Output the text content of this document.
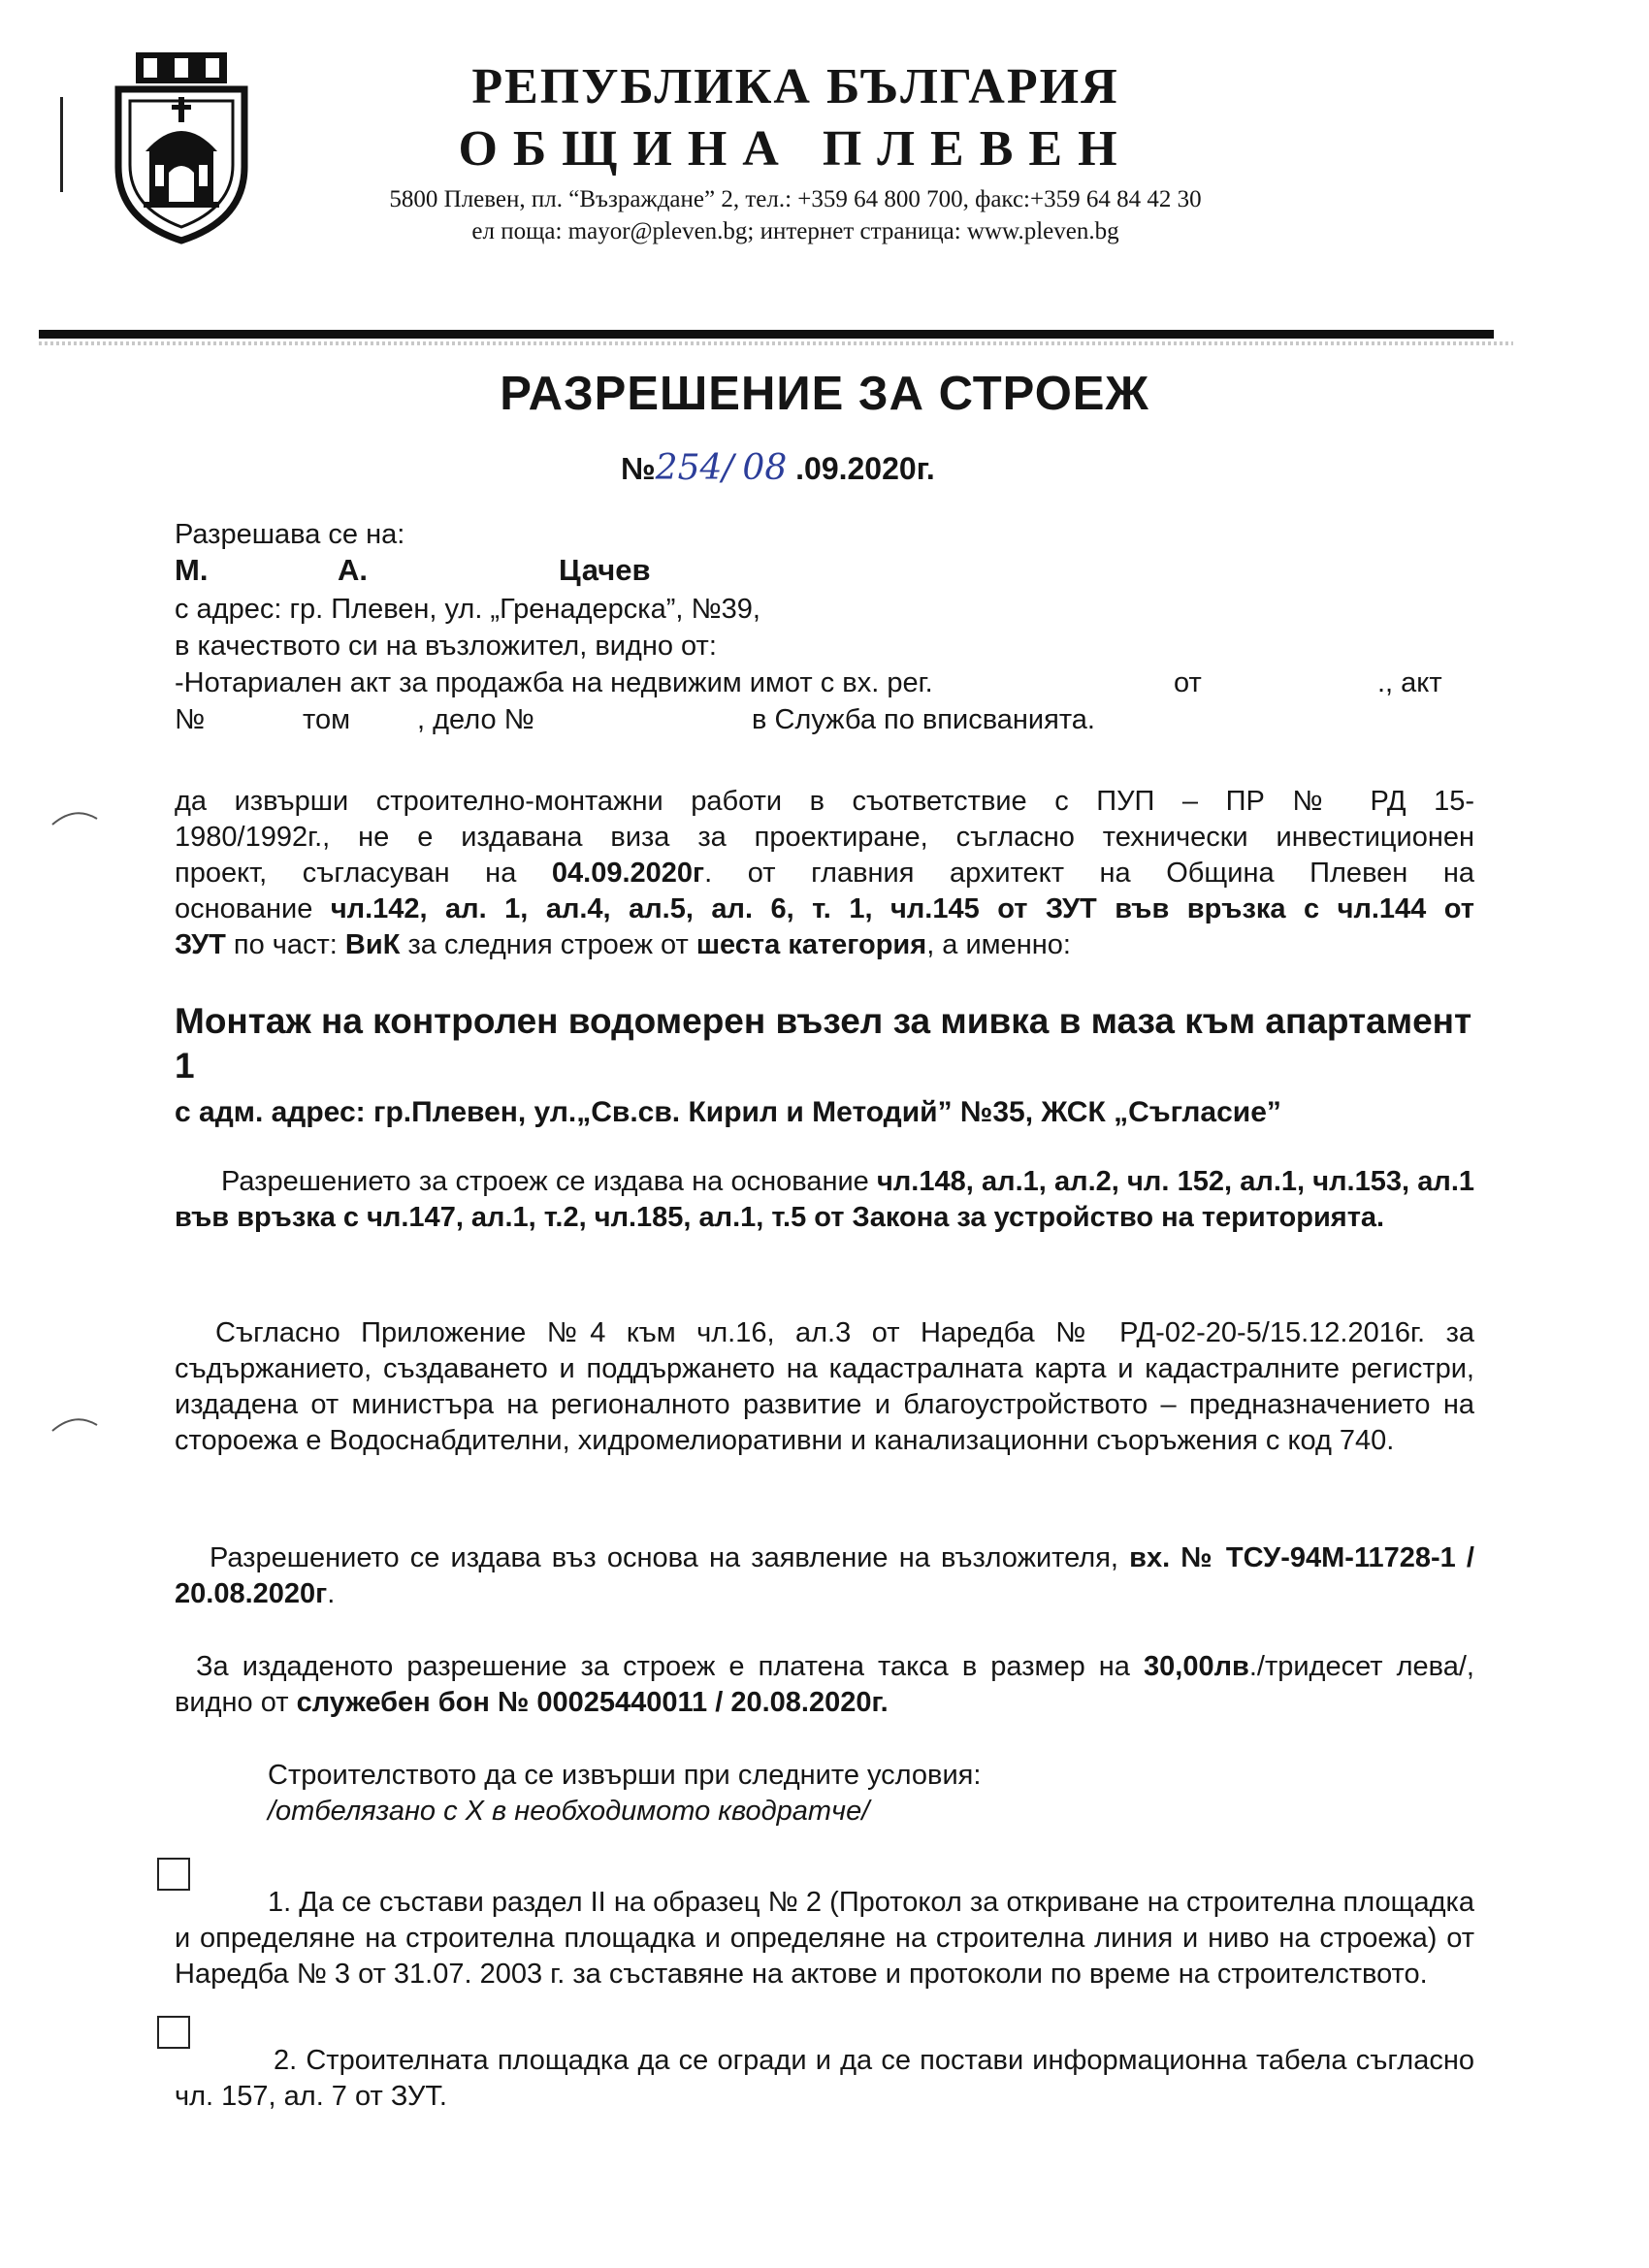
РЕПУБЛИКА БЪЛГАРИЯ
ОБЩИНА ПЛЕВЕН
5800 Плевен, пл. “Възраждане” 2, тел.: +359 64 800 700, факс:+359 64 84 42 30
ел поща: mayor@pleven.bg; интернет страница: www.pleven.bg
РАЗРЕШЕНИЕ ЗА СТРОЕЖ
№254/ 08 .09.2020г.
Разрешава се на:
М.	А.	Цачев
с адрес: гр. Плевен, ул. „Гренадерска”, №39,
в качеството си на възложител, видно от:
-Нотариален акт за продажба на недвижим имот с вх. рег.	от	., акт
№	том , дело №	в Служба по вписванията.
да извърши строително-монтажни работи в съответствие с ПУП – ПР № РД 15-
1980/1992г., не е издавана виза за проектиране, съгласно технически инвестиционен
проект, съгласуван на 04.09.2020г. от главния архитект на Община Плевен на
основание чл.142, ал. 1, ал.4, ал.5, ал. 6, т. 1, чл.145 от ЗУТ във връзка с чл.144 от
ЗУТ по част: ВиК за следния строеж от шеста категория, а именно:
Монтаж на контролен водомерен възел за мивка в маза към апартамент 1
с адм. адрес: гр.Плевен, ул.„Св.св. Кирил и Методий” №35, ЖСК „Съгласие”
Разрешението за строеж се издава на основание чл.148, ал.1, ал.2, чл. 152, ал.1, чл.153, ал.1 във връзка с чл.147, ал.1, т.2, чл.185, ал.1, т.5 от Закона за устройство на територията.
Съгласно Приложение №4 към чл.16, ал.3 от Наредба № РД-02-20-5/15.12.2016г. за съдържанието, създаването и поддържането на кадастралната карта и кадастралните регистри, издадена от министъра на регионалното развитие и благоустройството – предназначението на стороежа е Водоснабдителни, хидромелиоративни и канализационни съоръжения с код 740.
Разрешението се издава въз основа на заявление на възложителя, вх. № ТСУ-94М-11728-1 / 20.08.2020г.
За издаденото разрешение за строеж е платена такса в размер на 30,00лв./тридесет лева/, видно от служебен бон № 00025440011 / 20.08.2020г.
Строителството да се извърши при следните условия:
/отбелязано с Х в необходимото кводратче/
1. Да се състави раздел II на образец № 2 (Протокол за откриване на строителна площадка и определяне на строителна площадка и определяне на строителна линия и ниво на строежа) от Наредба № 3 от 31.07. 2003 г. за съставяне на актове и протоколи по време на строителството.
2. Строителната площадка да се огради и да се постави информационна табела съгласно чл. 157, ал. 7 от ЗУТ.
